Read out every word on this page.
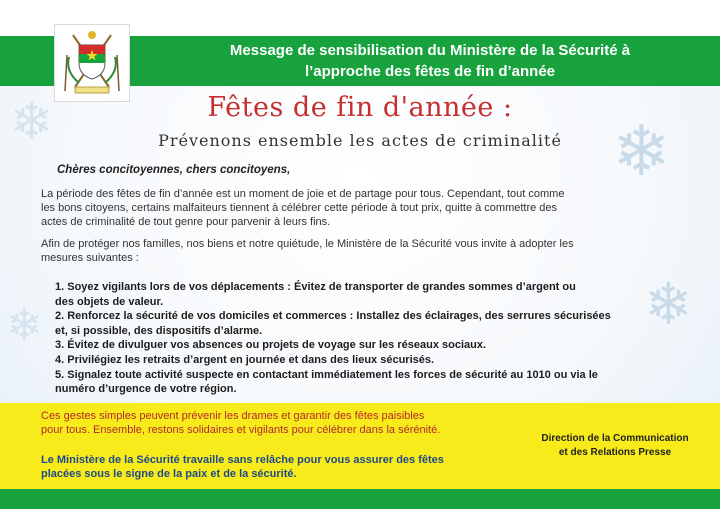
❄
❄
❄
❄
Message de sensibilisation du Ministère de la Sécurité à
l’approche des fêtes de fin d’année
Fêtes de fin d'année :
Prévenons ensemble les actes de criminalité
Chères concitoyennes, chers concitoyens,
La période des fêtes de fin d’année est un moment de joie et de partage pour tous. Cependant, tout comme
les bons citoyens, certains malfaiteurs tiennent à célébrer cette période à tout prix, quitte à commettre des
actes de criminalité de tout genre pour parvenir à leurs fins.
Afin de protéger nos familles, nos biens et notre quiétude, le Ministère de la Sécurité vous invite à adopter les
mesures suivantes :
1. Soyez vigilants lors de vos déplacements : Évitez de transporter de grandes sommes d’argent ou
des objets de valeur.
2. Renforcez la sécurité de vos domiciles et commerces : Installez des éclairages, des serrures sécurisées
et, si possible, des dispositifs d’alarme.
3. Évitez de divulguer vos absences ou projets de voyage sur les réseaux sociaux.
4. Privilégiez les retraits d’argent en journée et dans des lieux sécurisés.
5. Signalez toute activité suspecte en contactant immédiatement les forces de sécurité au 1010 ou via le
numéro d’urgence de votre région.
Ces gestes simples peuvent prévenir les drames et garantir des fêtes paisibles
pour tous. Ensemble, restons solidaires et vigilants pour célébrer dans la sérénité.
Le Ministère de la Sécurité travaille sans relâche pour vous assurer des fêtes
placées sous le signe de la paix et de la sécurité.
Direction de la Communication
et des Relations Presse
